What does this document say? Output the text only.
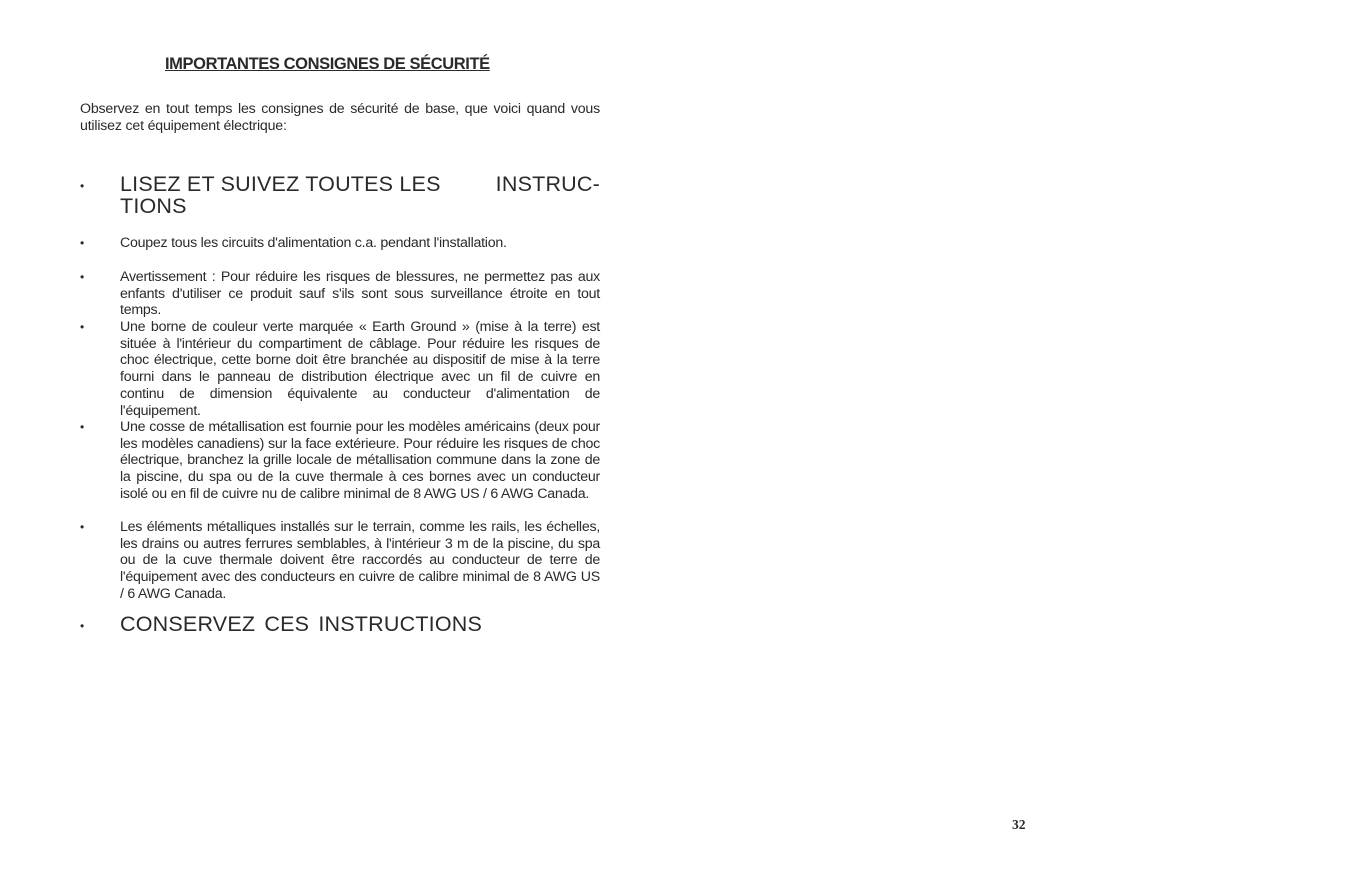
IMPORTANTES CONSIGNES DE SÉCURITÉ
Observez en tout temps les consignes de sécurité de base, que voici quand vous utilisez cet équipement électrique:
• LISEZ ET SUIVEZ TOUTES LES	INSTRUC-
TIONS
•	Coupez tous les circuits d'alimentation c.a. pendant l'installation.
•	Avertissement : Pour réduire les risques de blessures, ne permettez pas aux enfants d'utiliser ce produit sauf s'ils sont sous surveillance étroite en tout temps.
•	Une borne de couleur verte marquée « Earth Ground » (mise à la terre) est située à l'intérieur du compartiment de câblage. Pour réduire les risques de choc électrique, cette borne doit être branchée au dispositif de mise à la terre fourni dans le panneau de distribution électrique avec un fil de cuivre en continu de dimension équivalente au conducteur d'alimentation de l'équipement.
•	Une cosse de métallisation est fournie pour les modèles américains (deux pour les modèles canadiens) sur la face extérieure. Pour réduire les risques de choc électrique, branchez la grille locale de métallisation commune dans la zone de la piscine, du spa ou de la cuve thermale à ces bornes avec un conducteur isolé ou en fil de cuivre nu de calibre minimal de 8 AWG US / 6 AWG Canada.
•	Les éléments métalliques installés sur le terrain, comme les rails, les échelles, les drains ou autres ferrures semblables, à l'intérieur 3 m de la piscine, du spa ou de la cuve thermale doivent être raccordés au conducteur de terre de l'équipement avec des conducteurs en cuivre de calibre minimal de 8 AWG US / 6 AWG Canada.
• CONSERVEZ CES INSTRUCTIONS
32
